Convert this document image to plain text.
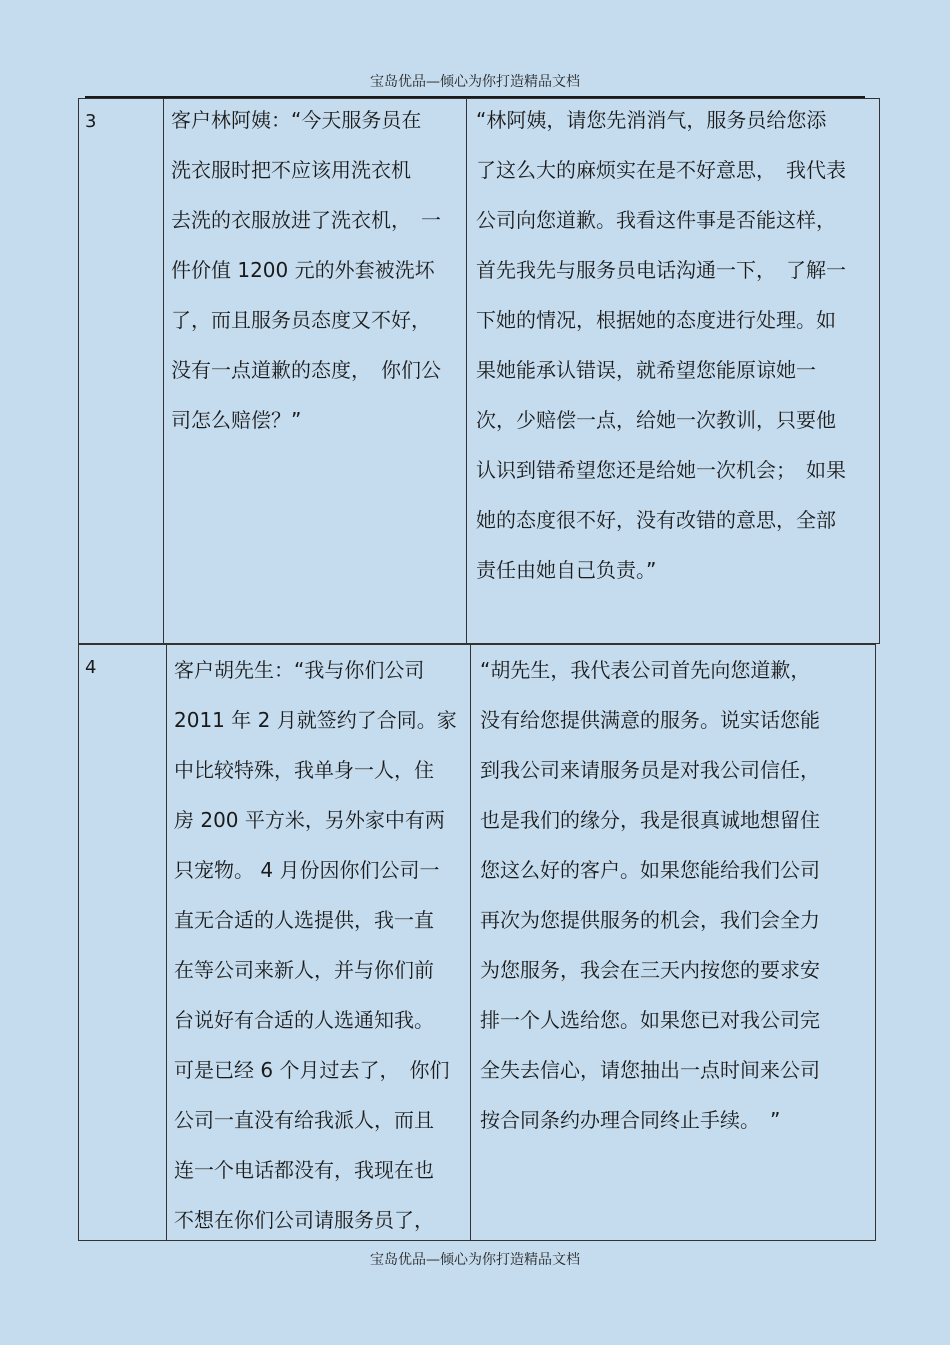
宝岛优品—倾心为你打造精品文档
3	客户林阿姨：“今天服务员在
洗衣服时把不应该用洗衣机
去洗的衣服放进了洗衣机，　一
件价值 1200 元的外套被洗坏
了，而且服务员态度又不好，
没有一点道歉的态度，　你们公
司怎么赔偿？”
“林阿姨，请您先消消气，服务员给您添
了这么大的麻烦实在是不好意思，　我代表
公司向您道歉。我看这件事是否能这样，
首先我先与服务员电话沟通一下，　了解一
下她的情况，根据她的态度进行处理。如
果她能承认错误，就希望您能原谅她一
次，少赔偿一点，给她一次教训，只要他
认识到错希望您还是给她一次机会；　如果
她的态度很不好，没有改错的意思，全部
责任由她自己负责。”
4	客户胡先生：“我与你们公司
2011 年 2 月就签约了合同。家
中比较特殊，我单身一人，住
房 200 平方米，另外家中有两
只宠物。 4 月份因你们公司一
直无合适的人选提供，我一直
在等公司来新人，并与你们前
台说好有合适的人选通知我。
可是已经 6 个月过去了，　你们
公司一直没有给我派人，而且
连一个电话都没有，我现在也
不想在你们公司请服务员了，
“胡先生，我代表公司首先向您道歉，
没有给您提供满意的服务。说实话您能
到我公司来请服务员是对我公司信任，
也是我们的缘分，我是很真诚地想留住
您这么好的客户。如果您能给我们公司
再次为您提供服务的机会，我们会全力
为您服务，我会在三天内按您的要求安
排一个人选给您。如果您已对我公司完
全失去信心，请您抽出一点时间来公司
按合同条约办理合同终止手续。　”
宝岛优品—倾心为你打造精品文档
